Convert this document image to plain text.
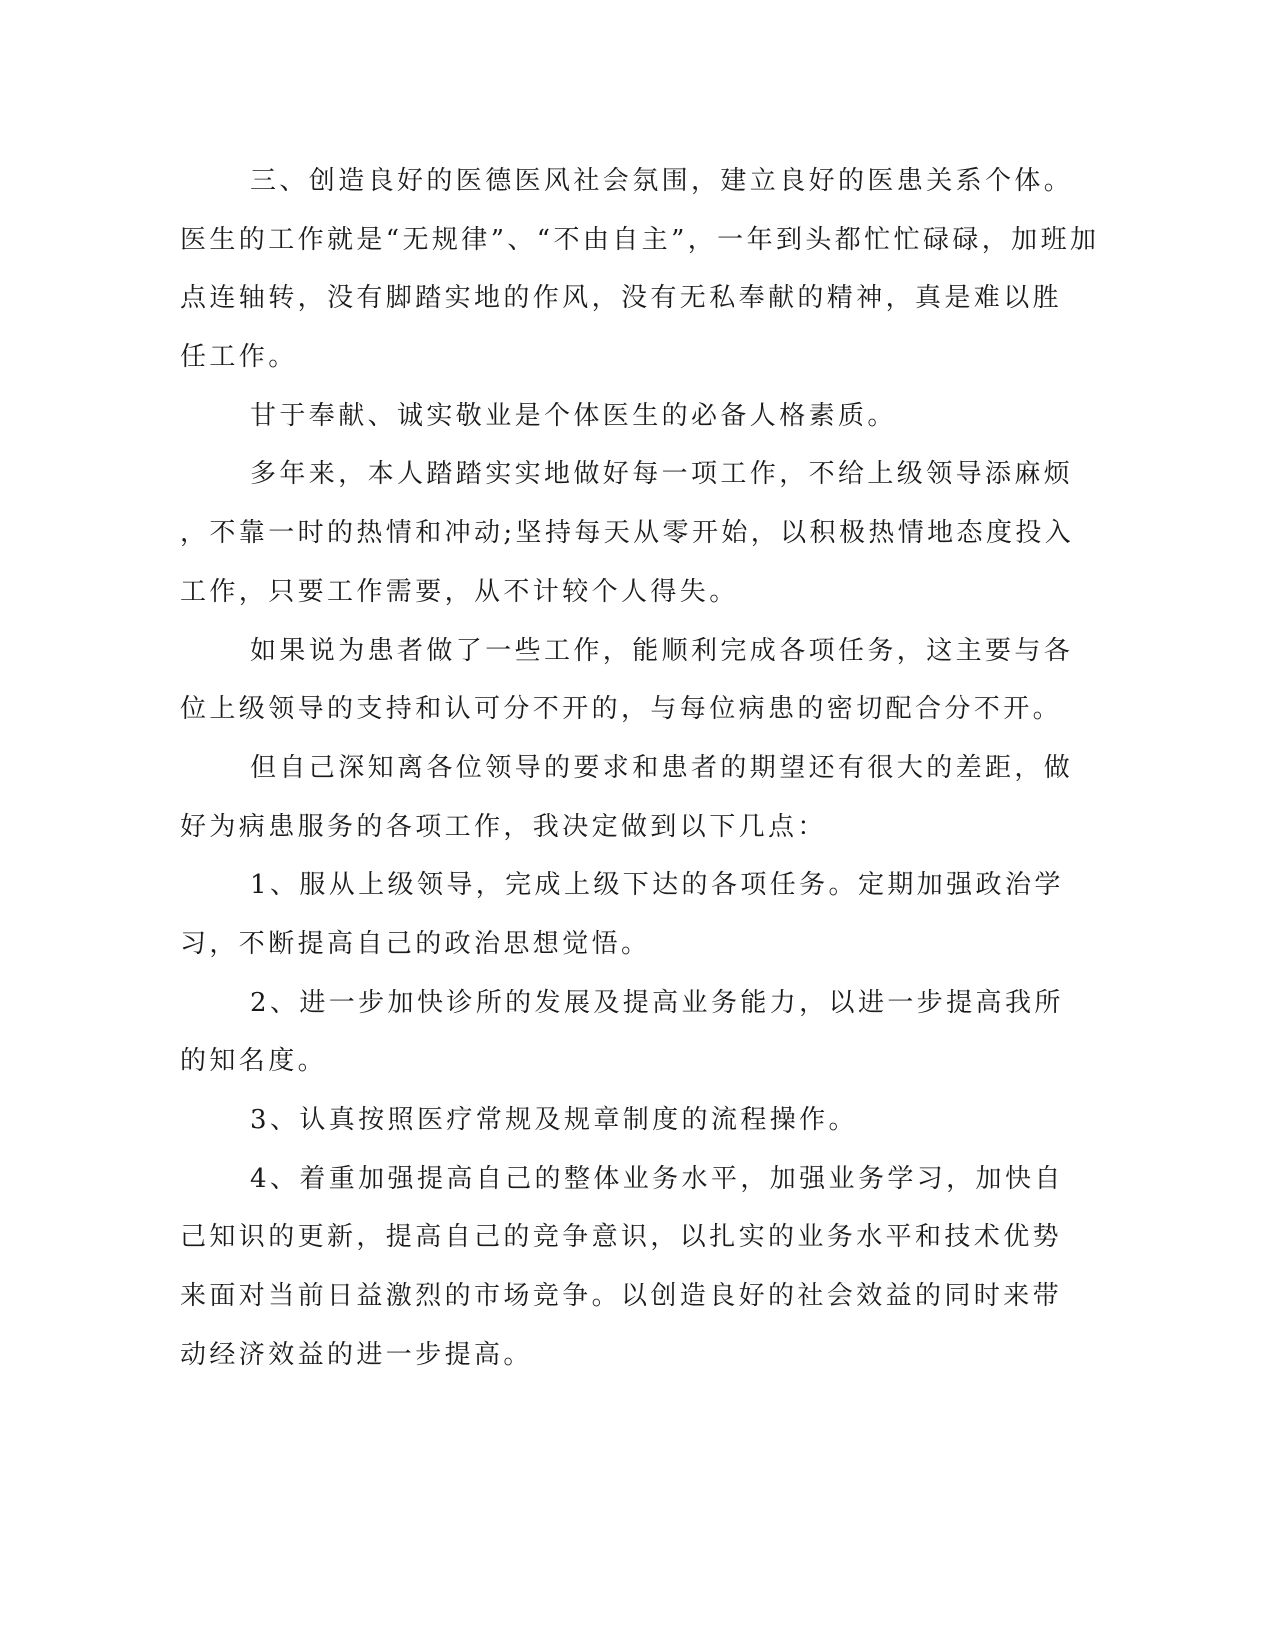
三、创造良好的医德医风社会氛围，建立良好的医患关系个体。
医生的工作就是“无规律”、“不由自主”，一年到头都忙忙碌碌，加班加
点连轴转，没有脚踏实地的作风，没有无私奉献的精神，真是难以胜
任工作。
甘于奉献、诚实敬业是个体医生的必备人格素质。
多年来，本人踏踏实实地做好每一项工作，不给上级领导添麻烦
，不靠一时的热情和冲动;坚持每天从零开始，以积极热情地态度投入
工作，只要工作需要，从不计较个人得失。
如果说为患者做了一些工作，能顺利完成各项任务，这主要与各
位上级领导的支持和认可分不开的，与每位病患的密切配合分不开。
但自己深知离各位领导的要求和患者的期望还有很大的差距，做
好为病患服务的各项工作，我决定做到以下几点：
1、服从上级领导，完成上级下达的各项任务。定期加强政治学
习，不断提高自己的政治思想觉悟。
2、进一步加快诊所的发展及提高业务能力，以进一步提高我所
的知名度。
3、认真按照医疗常规及规章制度的流程操作。
4、着重加强提高自己的整体业务水平，加强业务学习，加快自
己知识的更新，提高自己的竞争意识，以扎实的业务水平和技术优势
来面对当前日益激烈的市场竞争。以创造良好的社会效益的同时来带
动经济效益的进一步提高。
